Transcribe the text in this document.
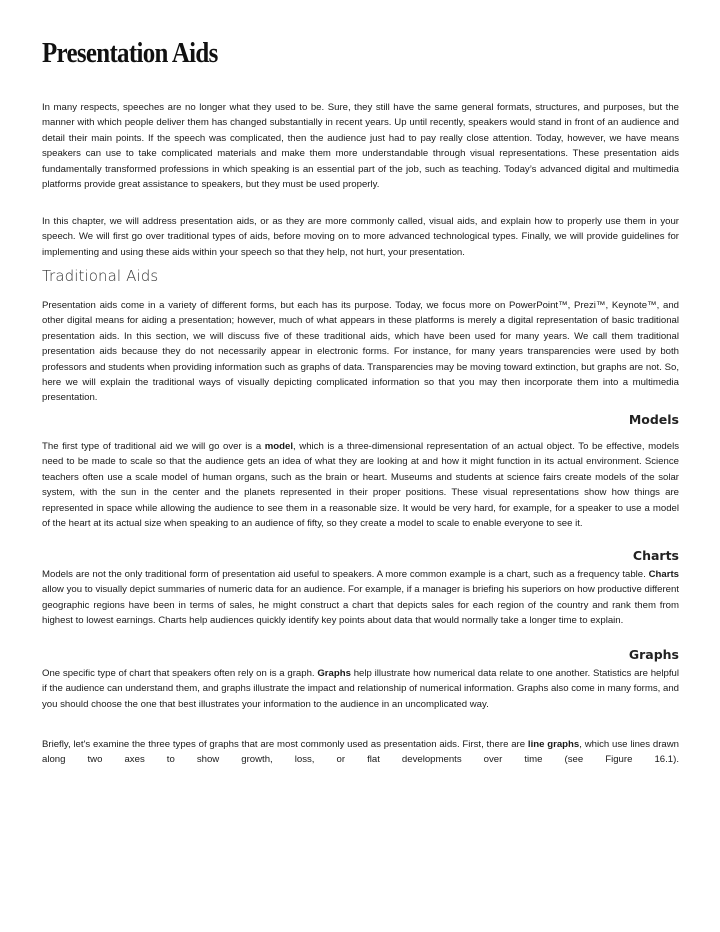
Presentation Aids

In many respects, speeches are no longer what they used to be. Sure, they still have the same general formats, structures, and purposes, but the manner with which people deliver them has changed substantially in recent years. Up until recently, speakers would stand in front of an audience and detail their main points. If the speech was complicated, then the audience just had to pay really close attention. Today, however, we have means speakers can use to take complicated materials and make them more understandable through visual representations. These presentation aids fundamentally transformed professions in which speaking is an essential part of the job, such as teaching. Today’s advanced digital and multimedia platforms provide great assistance to speakers, but they must be used properly.

In this chapter, we will address presentation aids, or as they are more commonly called, visual aids, and explain how to properly use them in your speech. We will first go over traditional types of aids, before moving on to more advanced technological types. Finally, we will provide guidelines for implementing and using these aids within your speech so that they help, not hurt, your presentation.

Traditional Aids

Presentation aids come in a variety of different forms, but each has its purpose. Today, we focus more on PowerPoint™, Prezi™, Keynote™, and other digital means for aiding a presentation; however, much of what appears in these platforms is merely a digital representation of basic traditional presentation aids. In this section, we will discuss five of these traditional aids, which have been used for many years. We call them traditional presentation aids because they do not necessarily appear in electronic forms. For instance, for many years transparencies were used by both professors and students when providing information such as graphs of data. Transparencies may be moving toward extinction, but graphs are not. So, here we will explain the traditional ways of visually depicting complicated information so that you may then incorporate them into a multimedia presentation.

Models

The first type of traditional aid we will go over is a model, which is a three-dimensional representation of an actual object. To be effective, models need to be made to scale so that the audience gets an idea of what they are looking at and how it might function in its actual environment. Science teachers often use a scale model of human organs, such as the brain or heart. Museums and students at science fairs create models of the solar system, with the sun in the center and the planets represented in their proper positions. These visual representations show how things are represented in space while allowing the audience to see them in a reasonable size. It would be very hard, for example, for a speaker to use a model of the heart at its actual size when speaking to an audience of fifty, so they create a model to scale to enable everyone to see it.

Charts

Models are not the only traditional form of presentation aid useful to speakers. A more common example is a chart, such as a frequency table. Charts allow you to visually depict summaries of numeric data for an audience. For example, if a manager is briefing his superiors on how productive different geographic regions have been in terms of sales, he might construct a chart that depicts sales for each region of the country and rank them from highest to lowest earnings. Charts help audiences quickly identify key points about data that would normally take a longer time to explain.

Graphs

One specific type of chart that speakers often rely on is a graph. Graphs help illustrate how numerical data relate to one another. Statistics are helpful if the audience can understand them, and graphs illustrate the impact and relationship of numerical information. Graphs also come in many forms, and you should choose the one that best illustrates your information to the audience in an uncomplicated way.

Briefly, let's examine the three types of graphs that are most commonly used as presentation aids. First, there are line graphs, which use lines drawn along two axes to show growth, loss, or flat developments over time (see Figure 16.1).
